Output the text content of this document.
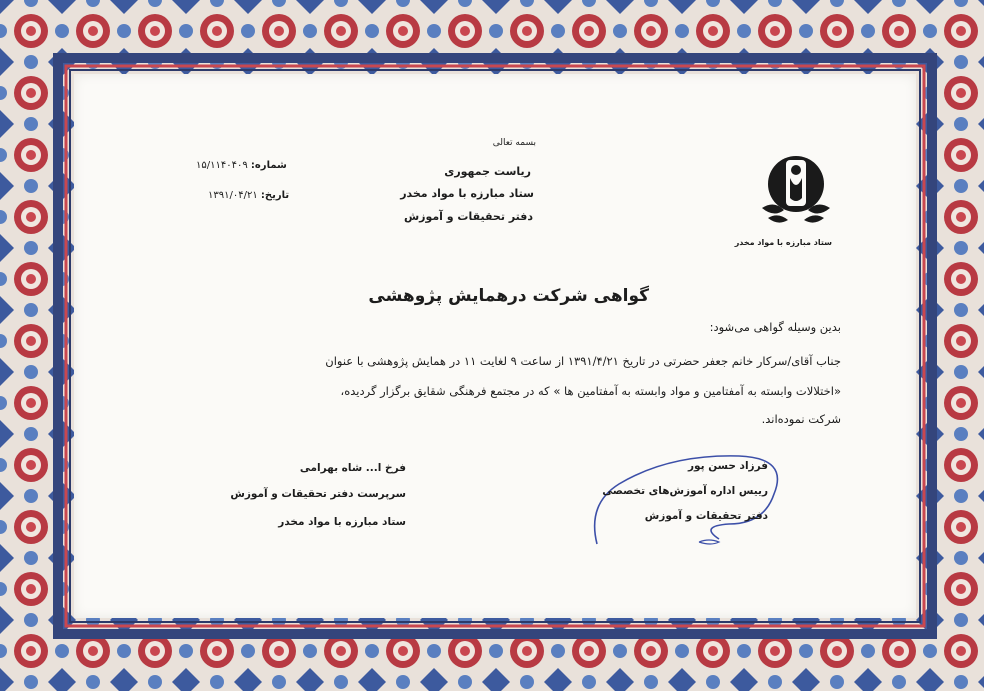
بسمه تعالی
ریاست جمهوری
ستاد مبارزه با مواد مخدر
دفتر تحقیقات و آموزش
شماره: ۱۵/۱۱۴۰۴۰۹
تاریخ: ۱۳۹۱/۰۴/۲۱
ستاد مبارزه با مواد مخدر
گواهی شرکت درهمایش پژوهشی
بدین وسیله گواهی می‌شود:
جناب آقای/سرکار خانم جعفر حضرتی در تاریخ ۱۳۹۱/۴/۲۱ از ساعت ۹ لغایت ۱۱ در همایش پژوهشی با عنوان
«اختلالات وابسته به آمفتامین و مواد وابسته به آمفتامین ها » که در مجتمع فرهنگی شقایق برگزار گردیده،
شرکت نموده‌اند.
فرخ ا... شاه بهرامی
سرپرست دفتر تحقیقات و آموزش
ستاد مبارزه با مواد مخدر
فرزاد حسن پور
رییس اداره آموزش‌های تخصصی
دفتر تحقیقات و آموزش
